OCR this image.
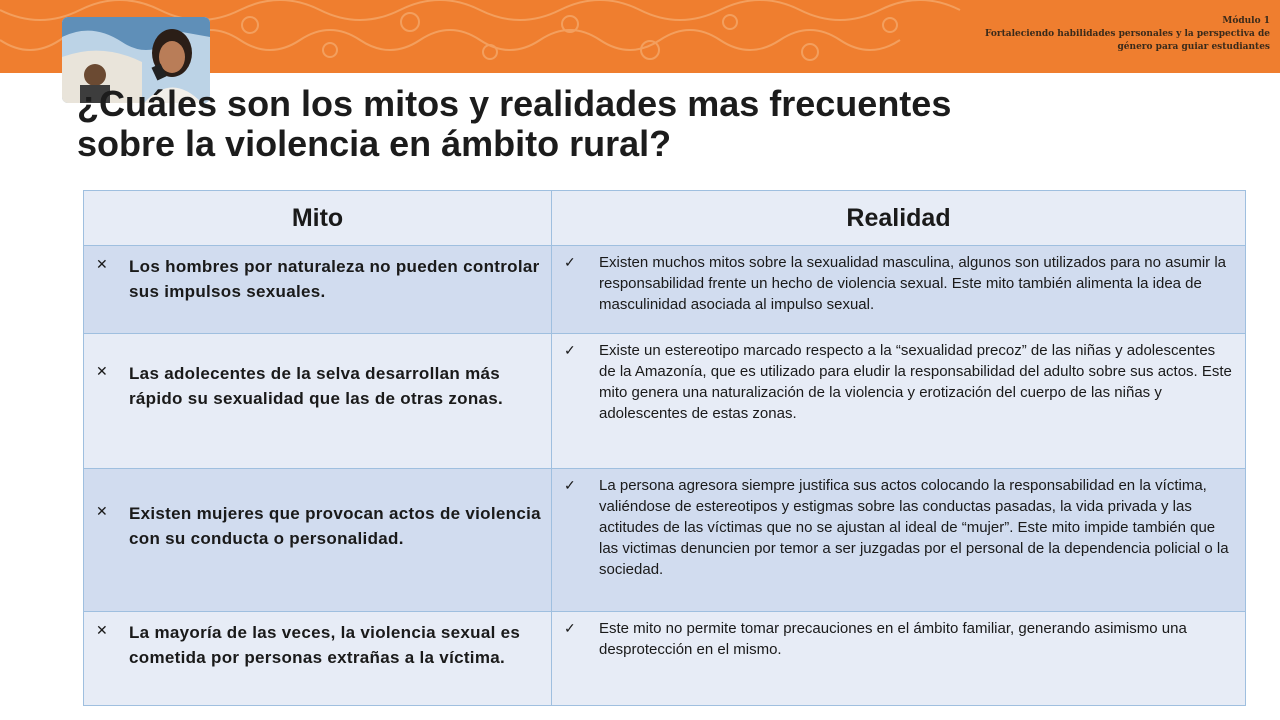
Módulo 1
Fortaleciendo habilidades personales y la perspectiva de
género para guiar estudiantes
¿Cuáles son los mitos y realidades mas frecuentes
sobre la violencia en ámbito rural?
Mito	Realidad

✕ Los hombres por naturaleza no pueden controlar sus impulsos sexuales.	✓ Existen muchos mitos sobre la sexualidad masculina, algunos son utilizados para no asumir la responsabilidad frente un hecho de violencia sexual. Este mito también alimenta la idea de masculinidad asociada al impulso sexual.

✕ Las adolecentes de la selva desarrollan más rápido su sexualidad que las de otras zonas.	✓ Existe un estereotipo marcado respecto a la “sexualidad precoz” de las niñas y adolescentes de la Amazonía, que es utilizado para eludir la responsabilidad del adulto sobre sus actos. Este mito genera una naturalización de la violencia y erotización del cuerpo de las niñas y adolescentes de estas zonas.

✕ Existen mujeres que provocan actos de violencia con su conducta o personalidad.	✓ La persona agresora siempre justifica sus actos colocando la responsabilidad en la víctima, valiéndose de estereotipos y estigmas sobre las conductas pasadas, la vida privada y las actitudes de las víctimas que no se ajustan al ideal de “mujer”. Este mito impide también que las victimas denuncien por temor a ser juzgadas por el personal de la dependencia policial o la sociedad.

✕ La mayoría de las veces, la violencia sexual es cometida por personas extrañas a la víctima.	✓ Este mito no permite tomar precauciones en el ámbito familiar, generando asimismo una desprotección en el mismo.
